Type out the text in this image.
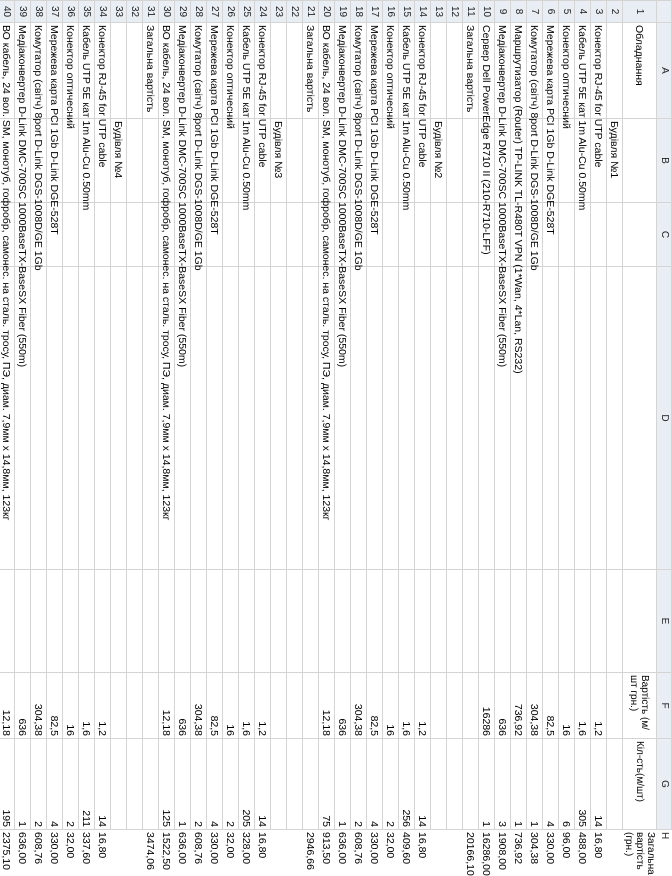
	A	B	C	D	E	F	G	H
1	Обладнання					Вартість (м/шт грн.)	Кіл-сть(м/шт)	Загальна вартість (грн.)
2		Будівля №1						
3	Конектор RJ-45 for UTP cable					1,2	14	16,80
4	Кабель UTP 5E кат 1m Alu-Cu 0.50mm					1,6	305	488,00
5	Конектор оптичесний					16	6	96,00
6	Мережева карта PCI 1Gb D-Link DGE-528T					82,5	4	330,00
7	Комутатор (світч) 8port D-Link DGS-1008D/GE 1Gb					304,38	1	304,38
8	Маршрутизатор (Router) TP-LINK TL-R480T VPN (1*Wan, 4*Lan, RS232)					736,92	1	736,92
9	Медіаконвертер D-Link DMC-700SC 1000BaseTX-BaseSX Fiber (550m)					636	3	1908,00
10	Сервер Dell PowerEdge R710 II (210-R710-LFF)					16286	1	16286,00
11	Загальна вартість							20166,10
12								
13		Будівля №2						
14	Конектор RJ-45 for UTP cable					1,2	14	16,80
15	Кабель UTP 5E кат 1m Alu-Cu 0.50mm					1,6	256	409,60
16	Конектор оптичесний					16	2	32,00
17	Мережева карта PCI 1Gb D-Link DGE-528T					82,5	4	330,00
18	Комутатор (світч) 8port D-Link DGS-1008D/GE 1Gb					304,38	2	608,76
19	Медіаконвертер D-Link DMC-700SC 1000BaseTX-BaseSX Fiber (550m)					636	1	636,00
20	ВО кабель, 24 вол. SM, монотуб, гофробр, самонес. на сталь. тросу, ПЭ, диам. 7,9мм х 14,8мм, 123кг					12,18	75	913,50
21	Загальна вартість							2946,66
22								
23		Будівля №3						
24	Конектор RJ-45 for UTP cable					1,2	14	16,80
25	Кабель UTP 5E кат 1m Alu-Cu 0.50mm					1,6	205	328,00
26	Конектор оптичесний					16	2	32,00
27	Мережева карта PCI 1Gb D-Link DGE-528T					82,5	4	330,00
28	Комутатор (світч) 8port D-Link DGS-1008D/GE 1Gb					304,38	2	608,76
29	Медіаконвертер D-Link DMC-700SC 1000BaseTX-BaseSX Fiber (550m)					636	1	636,00
30	ВО кабель, 24 вол. SM, монотуб, гофробр, самонес. на сталь. тросу, ПЭ, диам. 7,9мм х 14,8мм, 123кг					12,18	125	1522,50
31	Загальна вартість							3474,06
32								
33		Будівля №4						
34	Конектор RJ-45 for UTP cable					1,2	14	16,80
35	Кабель UTP 5E кат 1m Alu-Cu 0.50mm					1,6	211	337,60
36	Конектор оптичесний					16	2	32,00
37	Мережева карта PCI 1Gb D-Link DGE-528T					82,5	4	330,00
38	Комутатор (світч) 8port D-Link DGS-1008D/GE 1Gb					304,38	2	608,76
39	Медіаконвертер D-Link DMC-700SC 1000BaseTX-BaseSX Fiber (550m)					636	1	636,00
40	ВО кабель, 24 вол. SM, монотуб, гофробр, самонес. на сталь. тросу, ПЭ, диам. 7,9мм х 14,8мм, 123кг					12,18	195	2375,10
